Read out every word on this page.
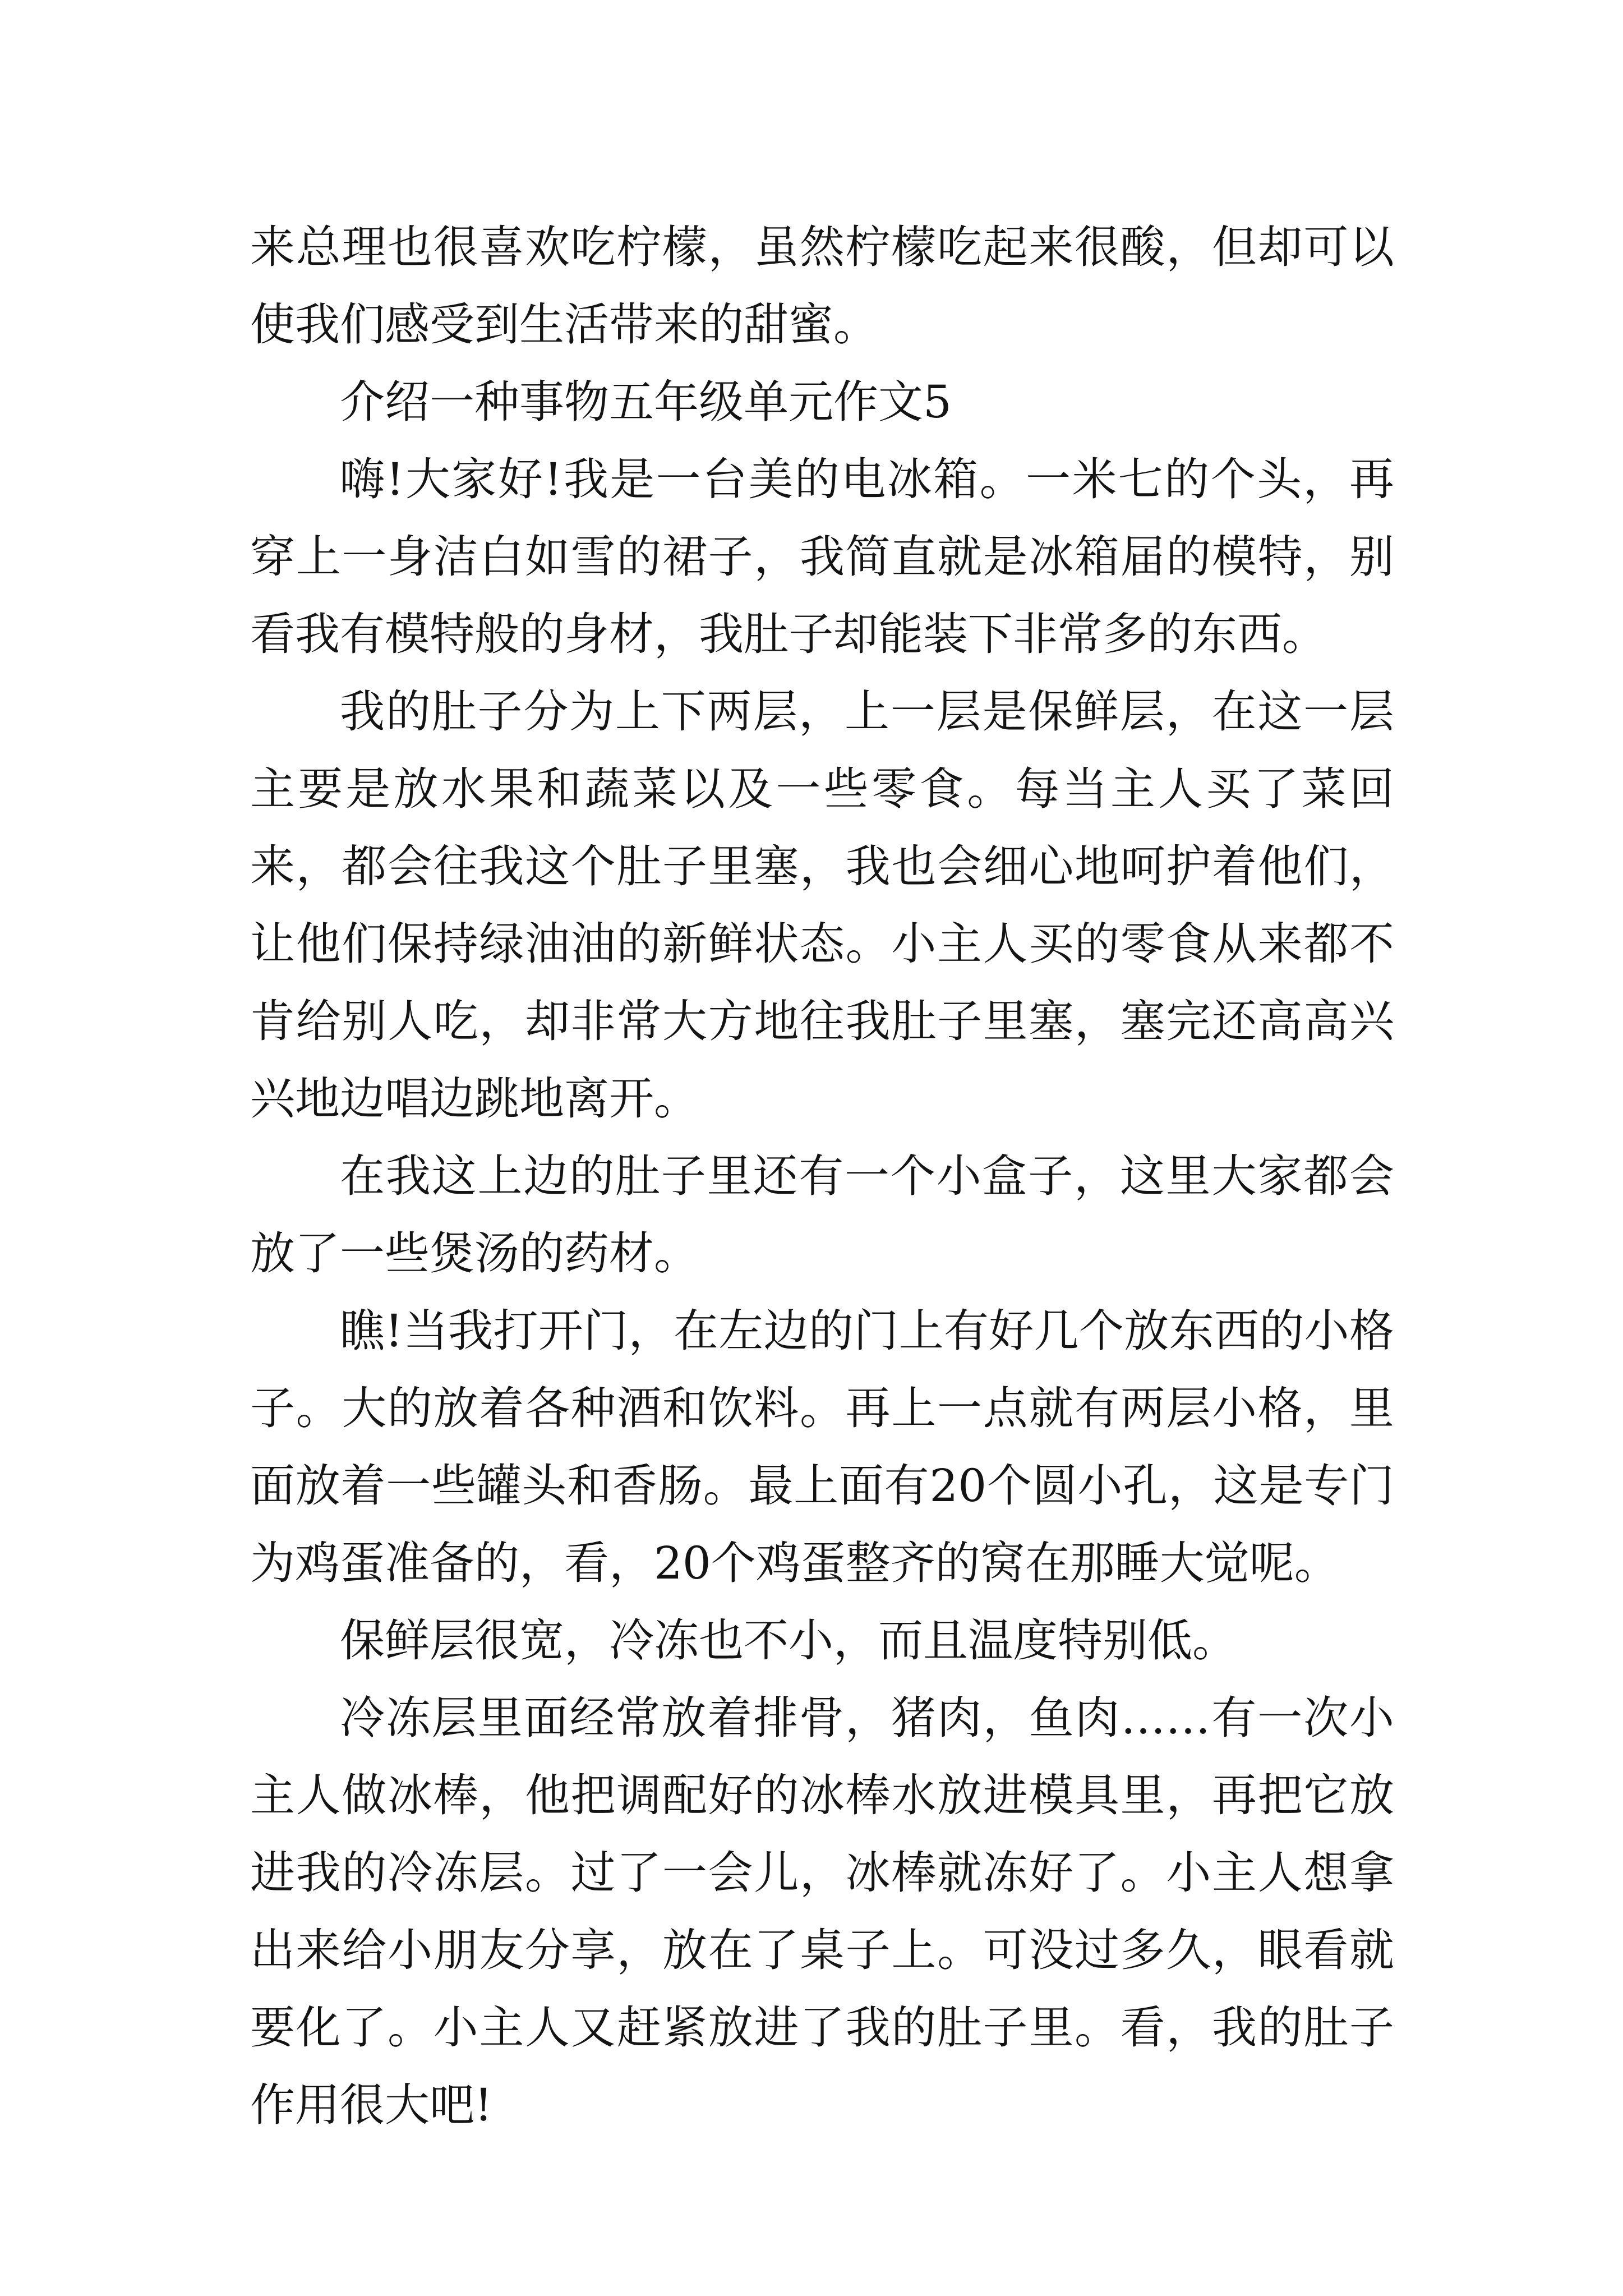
来总理也很喜欢吃柠檬，虽然柠檬吃起来很酸，但却可以使我们感受到生活带来的甜蜜。

介绍一种事物五年级单元作文5

嗨!大家好!我是一台美的电冰箱。一米七的个头，再穿上一身洁白如雪的裙子，我简直就是冰箱届的模特，别看我有模特般的身材，我肚子却能装下非常多的东西。

我的肚子分为上下两层，上一层是保鲜层，在这一层主要是放水果和蔬菜以及一些零食。每当主人买了菜回来，都会往我这个肚子里塞，我也会细心地呵护着他们，让他们保持绿油油的新鲜状态。小主人买的零食从来都不肯给别人吃，却非常大方地往我肚子里塞，塞完还高高兴兴地边唱边跳地离开。

在我这上边的肚子里还有一个小盒子，这里大家都会放了一些煲汤的药材。

瞧!当我打开门，在左边的门上有好几个放东西的小格子。大的放着各种酒和饮料。再上一点就有两层小格，里面放着一些罐头和香肠。最上面有20个圆小孔，这是专门为鸡蛋准备的，看，20个鸡蛋整齐的窝在那睡大觉呢。

保鲜层很宽，冷冻也不小，而且温度特别低。

冷冻层里面经常放着排骨，猪肉，鱼肉……有一次小主人做冰棒，他把调配好的冰棒水放进模具里，再把它放进我的冷冻层。过了一会儿，冰棒就冻好了。小主人想拿出来给小朋友分享，放在了桌子上。可没过多久，眼看就要化了。小主人又赶紧放进了我的肚子里。看，我的肚子作用很大吧!
